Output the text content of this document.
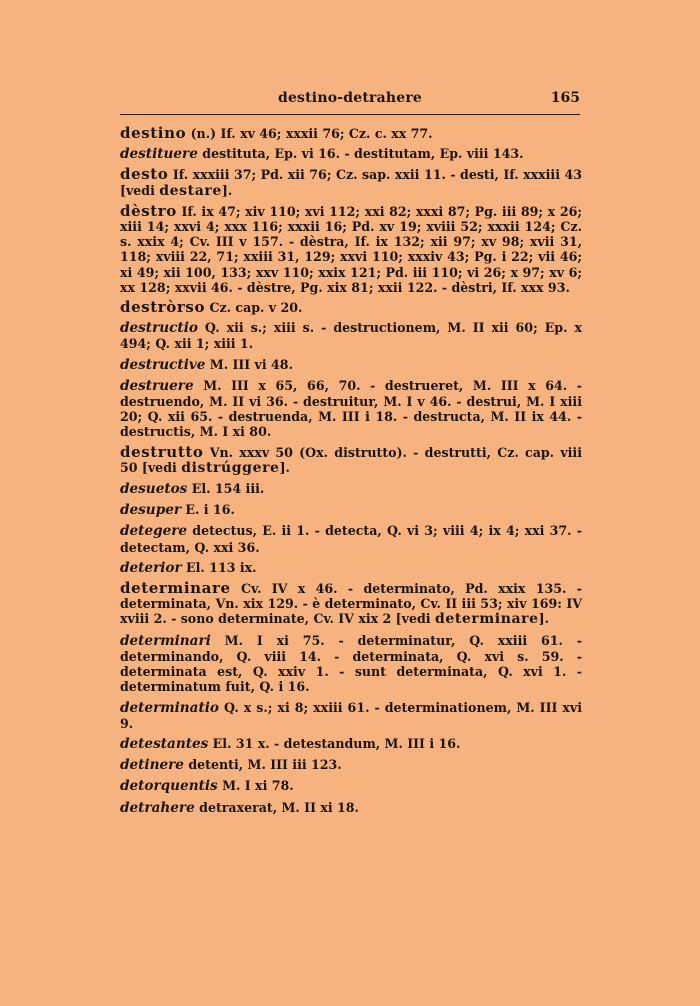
destino-detrahere	165
destino (n.) If. xv 46; xxxii 76; Cz. c. xx 77.
destituere destituta, Ep. vi 16. - destitutam, Ep. viii 143.
desto If. xxxiii 37; Pd. xii 76; Cz. sap. xxii 11. - desti, If. xxxiii 43 [vedi destare].
dèstro If. ix 47; xiv 110; xvi 112; xxi 82; xxxi 87; Pg. iii 89; x 26; xiii 14; xxvi 4; xxx 116; xxxii 16; Pd. xv 19; xviii 52; xxxii 124; Cz. s. xxix 4; Cv. III v 157. - dèstra, If. ix 132; xii 97; xv 98; xvii 31, 118; xviii 22, 71; xxiii 31, 129; xxvi 110; xxxiv 43; Pg. i 22; vii 46; xi 49; xii 100, 133; xxv 110; xxix 121; Pd. iii 110; vi 26; x 97; xv 6; xx 128; xxvii 46. - dèstre, Pg. xix 81; xxii 122. - dèstri, If. xxx 93.
destròrso Cz. cap. v 20.
destructio Q. xii s.; xiii s. - destructionem, M. II xii 60; Ep. x 494; Q. xii 1; xiii 1.
destructive M. III vi 48.
destruere M. III x 65, 66, 70. - destrueret, M. III x 64. - destruendo, M. II vi 36. - destruitur, M. I v 46. - destrui, M. I xiii 20; Q. xii 65. - destruenda, M. III i 18. - destructa, M. II ix 44. - destructis, M. I xi 80.
destrutto Vn. xxxv 50 (Ox. distrutto). - destrutti, Cz. cap. viii 50 [vedi distrúggere].
desuetos El. 154 iii.
desuper E. i 16.
detegere detectus, E. ii 1. - detecta, Q. vi 3; viii 4; ix 4; xxi 37. - detectam, Q. xxi 36.
deterior El. 113 ix.
determinare Cv. IV x 46. - determinato, Pd. xxix 135. - determinata, Vn. xix 129. - è determinato, Cv. II iii 53; xiv 169: IV xviii 2. - sono determinate, Cv. IV xix 2 [vedi determinare].
determinari M. I xi 75. - determinatur, Q. xxiii 61. - determinando, Q. viii 14. - determinata, Q. xvi s. 59. - determinata est, Q. xxiv 1. - sunt determinata, Q. xvi 1. - determinatum fuit, Q. i 16.
determinatio Q. x s.; xi 8; xxiii 61. - determinationem, M. III xvi 9.
detestantes El. 31 x. - detestandum, M. III i 16.
detinere detenti, M. III iii 123.
detorquentis M. I xi 78.
detrahere detraxerat, M. II xi 18.
